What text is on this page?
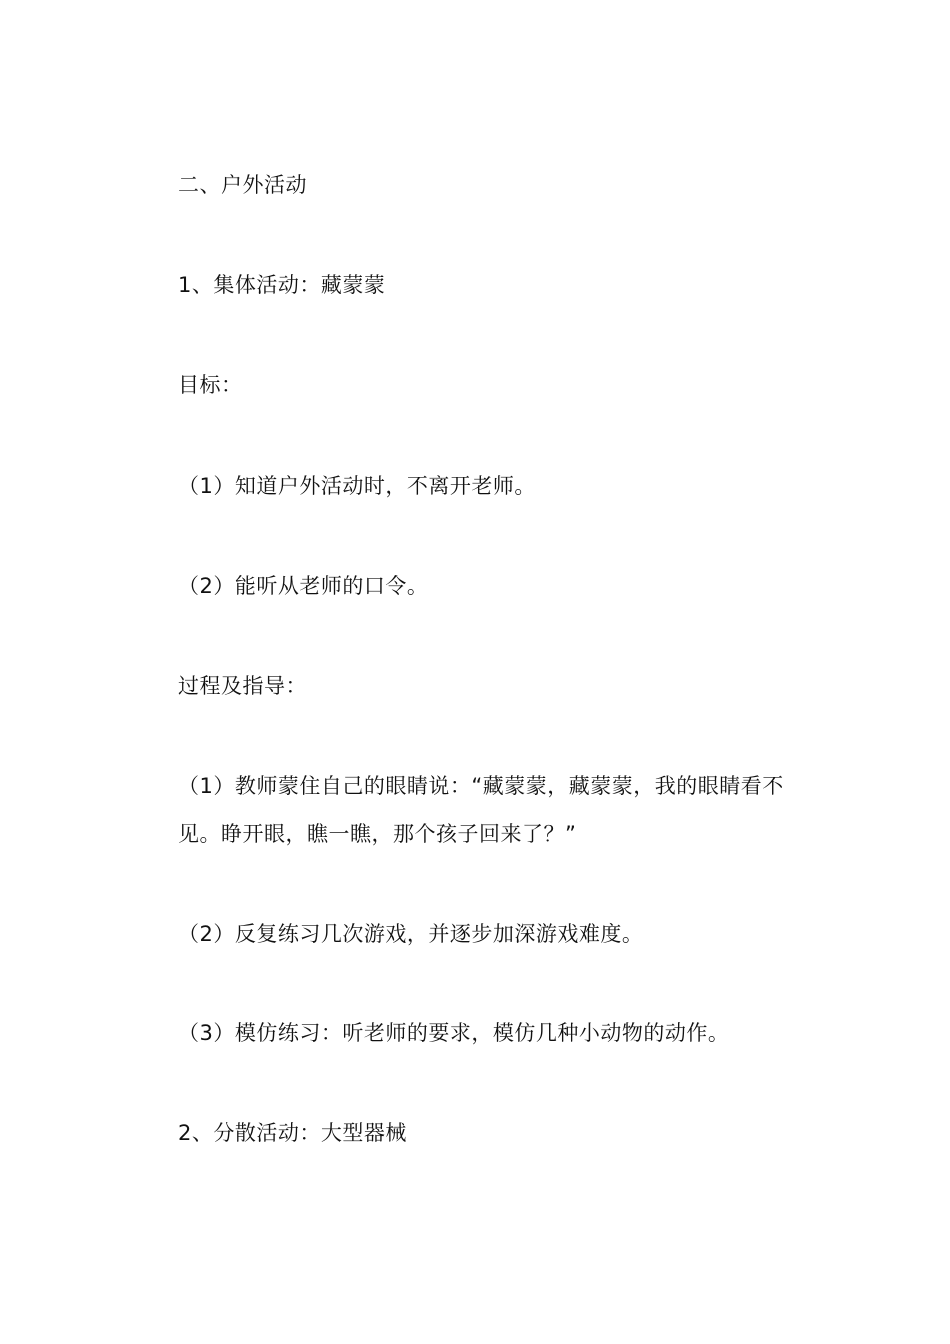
二、户外活动
1、集体活动：藏蒙蒙
目标：
（1）知道户外活动时，不离开老师。
（2）能听从老师的口令。
过程及指导：
（1）教师蒙住自己的眼睛说：“藏蒙蒙，藏蒙蒙，我的眼睛看不
见。睁开眼，瞧一瞧，那个孩子回来了？”
（2）反复练习几次游戏，并逐步加深游戏难度。
（3）模仿练习：听老师的要求，模仿几种小动物的动作。
2、分散活动：大型器械
